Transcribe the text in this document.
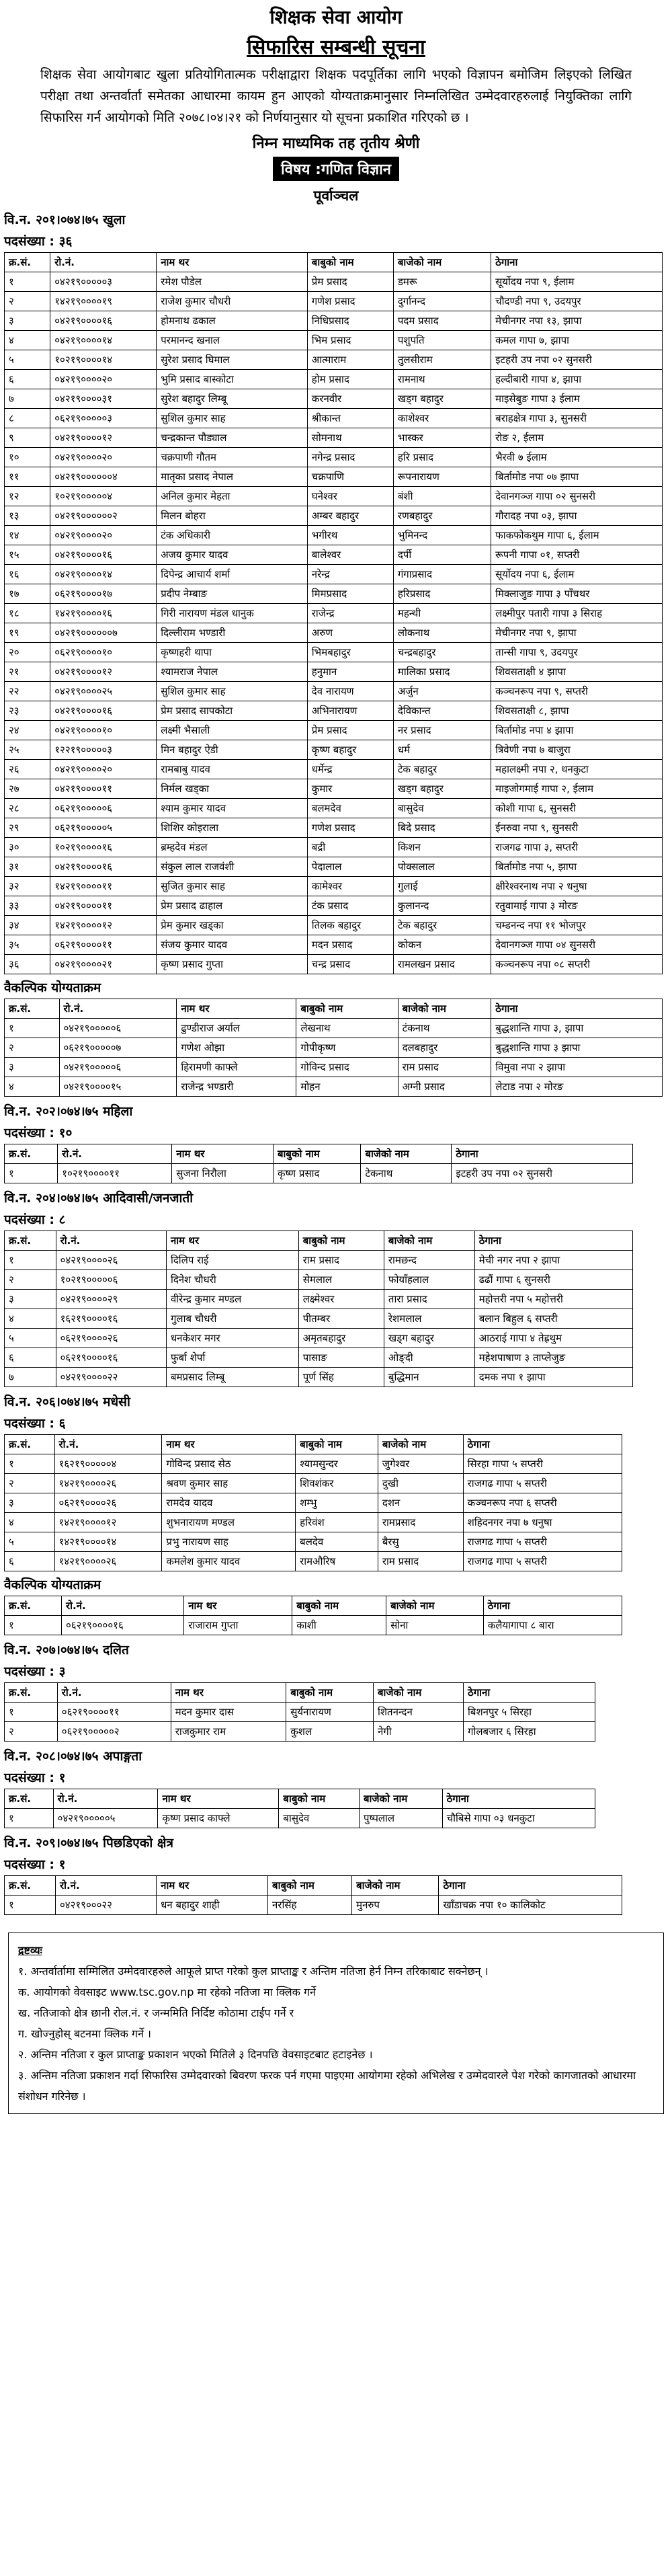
शिक्षक सेवा आयोग
सिफारिस सम्बन्धी सूचना

शिक्षक सेवा आयोगबाट खुला प्रतियोगितात्मक परीक्षाद्वारा शिक्षक पदपूर्तिका लागि भएको विज्ञापन बमोजिम लिइएको लिखित परीक्षा तथा अन्तर्वार्ता समेतका आधारमा कायम हुन आएको योग्यताक्रमानुसार निम्नलिखित उम्मेदवारहरुलाई नियुक्तिका लागि सिफारिस गर्न आयोगको मिति २०७८।०४।२१ को निर्णयानुसार यो सूचना प्रकाशित गरिएको छ ।

निम्न माध्यमिक तह तृतीय श्रेणी
विषय :गणित विज्ञान
पूर्वाञ्चल
वि.न. २०१।०७४।७५ खुला
पदसंख्या : ३६
क्र.सं.	रो.नं.	नाम थर	बाबुको नाम	बाजेको नाम	ठेगाना
१	०४२१९०००००३	रमेश पौडेल	प्रेम प्रसाद	डमरू	सूर्योदय नपा ९, ईलाम
२	१४२१९००००१९	राजेश कुमार चौधरी	गणेश प्रसाद	दुर्गानन्द	चौदण्डी नपा ९, उदयपुर
३	०४२१९००००१६	होमनाथ ढकाल	निधिप्रसाद	पदम प्रसाद	मेचीनगर नपा १३, झापा
४	०४२१९००००१४	परमानन्द खनाल	भिम प्रसाद	पशुपति	कमल गापा ७, झापा
५	१०२१९००००१४	सुरेश प्रसाद घिमाल	आत्माराम	तुलसीराम	इटहरी उप नपा ०२ सुनसरी
६	०४२१९००००२०	भुमि प्रसाद बास्कोटा	होम प्रसाद	रामनाथ	हल्दीबारी गापा ४, झापा
७	०४२१९००००३१	सुरेश बहादुर लिम्बू	करनवीर	खड्ग बहादुर	माइसेबुङ गापा ३ ईलाम
८	०६२१९०००००३	सुशिल कुमार साह	श्रीकान्त	काशेश्वर	बराहक्षेत्र गापा ३, सुनसरी
९	०४२१९००००१२	चन्द्रकान्त पौड्याल	सोमनाथ	भास्कर	रोङ २, ईलाम
१०	०४२१९००००२०	चक्रपाणी गौतम	नगेन्द्र प्रसाद	हरि प्रसाद	भैरवी ७ ईलाम
११	०४२१९००००००४	मातृका प्रसाद नेपाल	चक्रपाणि	रूपनारायण	बिर्तामोड नपा ०७ झापा
१२	१०२१९०००००४	अनिल कुमार मेहता	घनेश्वर	बंशी	देवानगञ्ज गापा ०२ सुनसरी
१३	०४२१९००००००२	मिलन बोहरा	अम्बर बहादुर	रणबहादुर	गौरादह नपा ०३, झापा
१४	०४२१९००००२०	टंक अधिकारी	भगीरथ	भुमिनन्द	फाकफोकथुम गापा ६, ईलाम
१५	०४२१९००००१६	अजय कुमार यादव	बालेश्वर	दर्पी	रूपनी गापा ०१, सप्तरी
१६	०४२१९००००१४	दिपेन्द्र आचार्य शर्मा	नरेन्द्र	गंगाप्रसाद	सूर्योदय नपा ६, ईलाम
१७	०६२१९००००१७	प्रदीप नेम्बाङ	मिमप्रसाद	हरिप्रसाद	मिक्लाजुङ गापा ३ पाँचथर
१८	१४२१९००००१६	गिरी नारायण मंडल धानुक	राजेन्द्र	महन्थी	लक्ष्मीपुर पतारी गापा ३ सिराह
१९	०४२१९००००००७	दिल्लीराम भण्डारी	अरुण	लोकनाथ	मेचीनगर नपा ९, झापा
२०	०६२१९००००१०	कृष्णहरी थापा	भिमबहादुर	चन्द्रबहादुर	तान्सी गापा ९, उदयपुर
२१	०४२१९००००१२	श्यामराज नेपाल	हनुमान	मालिका प्रसाद	शिवसताक्षी ४ झापा
२२	०४२१९००००२५	सुशिल कुमार साह	देव नारायण	अर्जुन	कञ्चनरूप नपा ९, सप्तरी
२३	०४२१९००००१६	प्रेम प्रसाद सापकोटा	अभिनारायण	देविकान्त	शिवसताक्षी ८, झापा
२४	०४२१९००००१०	लक्ष्मी भैसाली	प्रेम प्रसाद	नर प्रसाद	बिर्तामोड नपा ४ झापा
२५	१२२१९०००००३	मिन बहादुर ऐडी	कृष्ण बहादुर	धर्म	त्रिवेणी नपा ७ बाजुरा
२६	०४२१९००००२०	रामबाबु यादव	धर्मेन्द्र	टेक बहादुर	महालक्ष्मी नपा २, धनकुटा
२७	०४२१९००००११	निर्मल खड्का	कुमार	खड्ग बहादुर	माइजोगमाई गापा २, ईलाम
२८	०६२१९०००००६	श्याम कुमार यादव	बलमदेव	बासुदेव	कोशी गापा ६, सुनसरी
२९	०६२१९०००००५	शिशिर कोइराला	गणेश प्रसाद	बिदे प्रसाद	ईनरुवा नपा ९, सुनसरी
३०	१०२१९००००१६	ब्रम्हदेव मंडल	बद्री	किशन	राजगढ गापा ३, सप्तरी
३१	०४२१९००००१६	संकुल लाल राजवंशी	पेदालाल	पोक्सलाल	बिर्तामोड नपा ५, झापा
३२	१४२१९००००११	सुजित कुमार साह	कामेश्वर	गुलाई	क्षीरेश्वरनाथ नपा २ धनुषा
३३	०४२१९००००११	प्रेम प्रसाद ढाहाल	टंक प्रसाद	कुलानन्द	रतुवामाई गापा ३ मोरङ
३४	१४२१९००००१२	प्रेम कुमार खड्का	तिलक बहादुर	टेक बहादुर	चम्डनन्द नपा ११ भोजपुर
३५	०६२१९००००११	संजय कुमार यादव	मदन प्रसाद	कोकन	देवानगञ्ज गापा ०४ सुनसरी
३६	०४२१९००००२१	कृष्ण प्रसाद गुप्ता	चन्द्र प्रसाद	रामलखन प्रसाद	कञ्चनरूप नपा ०८ सप्तरी
वैकल्पिक योग्यताक्रम
क्र.सं.	रो.नं.	नाम थर	बाबुको नाम	बाजेको नाम	ठेगाना
१	०४२१९०००००६	ढुण्डीराज अर्याल	लेखनाथ	टंकनाथ	बुद्धशान्ति गापा ३, झापा
२	०६२१९०००००७	गणेश ओझा	गोपीकृष्ण	दलबहादुर	बुद्धशान्ति गापा ३ झापा
३	०४२१९०००००६	हिरामणी काफ्ले	गोविन्द प्रसाद	राम प्रसाद	विमुवा नपा २ झापा
४	०४२१९००००१५	राजेन्द्र भण्डारी	मोहन	अग्नी प्रसाद	लेटाड नपा २ मोरङ
वि.न. २०२।०७४।७५ महिला
पदसंख्या : १०
क्र.सं.	रो.नं.	नाम थर	बाबुको नाम	बाजेको नाम	ठेगाना
१	१०२१९००००११	सुजना निरौला	कृष्ण प्रसाद	टेकनाथ	इटहरी उप नपा ०२ सुनसरी
वि.न. २०४।०७४।७५ आदिवासी/जनजाती
पदसंख्या : ८
क्र.सं.	रो.नं.	नाम थर	बाबुको नाम	बाजेको नाम	ठेगाना
१	०४२१९००००२६	दिलिप राई	राम प्रसाद	रामछन्द	मेची नगर नपा २ झापा
२	१०२१९०००००६	दिनेश चौधरी	सेमलाल	फोयाँहलाल	ढढौं गापा ६ सुनसरी
३	०४२१९००००२९	वीरेन्द्र कुमार मण्डल	लक्ष्मेश्वर	तारा प्रसाद	महोत्तरी नपा ५ महोत्तरी
४	१६२१९००००१६	गुलाब चौधरी	पीतम्बर	रेशमलाल	बलान बिहुल ६ सप्तरी
५	०६२१९००००२६	धनकेशर मगर	अमृतबहादुर	खड्ग बहादुर	आठराई गापा ४ तेह्रथुम
६	०६२१९००००१६	फुर्बा शेर्पा	पासाङ	ओङ्दी	महेशपाषाण ३ ताप्लेजुङ
७	०४२१९००००२२	बमप्रसाद लिम्बू	पूर्ण सिंह	बुद्धिमान	दमक नपा १ झापा
वि.न. २०६।०७४।७५ मधेसी
पदसंख्या : ६
क्र.सं.	रो.नं.	नाम थर	बाबुको नाम	बाजेको नाम	ठेगाना
१	१६२१९०००००४	गोविन्द प्रसाद सेठ	श्यामसुन्दर	जुगेश्वर	सिरहा गापा ५ सप्तरी
२	१४२१९००००२६	श्रवण कुमार साह	शिवशंकर	दुखी	राजगढ गापा ५ सप्तरी
३	०६२१९००००२६	रामदेव यादव	शम्भु	दशन	कञ्चनरूप नपा ६ सप्तरी
४	१४२१९००००१२	शुभनारायण मण्डल	हरिवंश	रामप्रसाद	शहिदनगर नपा ७ धनुषा
५	१४२१९००००१४	प्रभु नारायण साह	बलदेव	बैरसु	राजगढ गापा ५ सप्तरी
६	१४२१९००००२६	कमलेश कुमार यादव	रामऔरिष	राम प्रसाद	राजगढ गापा ५ सप्तरी
वैकल्पिक योग्यताक्रम
क्र.सं.	रो.नं.	नाम थर	बाबुको नाम	बाजेको नाम	ठेगाना
१	०६२१९००००१६	राजाराम गुप्ता	काशी	सोना	कलैयागापा ८ बारा
वि.न. २०७।०७४।७५ दलित
पदसंख्या : ३
क्र.सं.	रो.नं.	नाम थर	बाबुको नाम	बाजेको नाम	ठेगाना
१	०६२१९००००११	मदन कुमार दास	सुर्यनारायण	शितनन्दन	बिशनपुर ५ सिरहा
२	०६२१९०००००२	राजकुमार राम	कुशल	नेगी	गोलबजार ६ सिरहा
वि.न. २०८।०७४।७५ अपाङ्गता
पदसंख्या : १
क्र.सं.	रो.नं.	नाम थर	बाबुको नाम	बाजेको नाम	ठेगाना
१	०४२१९०००००५	कृष्ण प्रसाद काफ्ले	बासुदेव	पुष्पलाल	चौबिसे गापा ०३ धनकुटा
वि.न. २०९।०७४।७५ पिछडिएको क्षेत्र
पदसंख्या : १
क्र.सं.	रो.नं.	नाम थर	बाबुको नाम	बाजेको नाम	ठेगाना
१	०४२१९०००२२	धन बहादुर शाही	नरसिंह	मुनरुप	खाँडाचक्र नपा १० कालिकोट
द्रष्टव्यः
१. अन्तर्वार्तामा सम्मिलित उम्मेदवारहरुले आफूले प्राप्त गरेको कुल प्राप्ताङ्क र अन्तिम नतिजा हेर्न निम्न तरिकाबाट सक्नेछन् ।
क. आयोगको वेवसाइट www.tsc.gov.np मा रहेको नतिजा मा क्लिक गर्ने
ख. नतिजाको क्षेत्र छानी रोल.नं. र जन्ममिति निर्दिष्ट कोठामा टाईप गर्ने र
ग. खोज्नुहोस् बटनमा क्लिक गर्ने ।
२. अन्तिम नतिजा र कुल प्राप्ताङ्क प्रकाशन भएको मितिले ३ दिनपछि वेवसाइटबाट हटाइनेछ ।
३. अन्तिम नतिजा प्रकाशन गर्दा सिफारिस उम्मेदवारको बिवरण फरक पर्न गएमा पाइएमा आयोगमा रहेको अभिलेख र उम्मेदवारले पेश गरेको कागजातको आधारमा संशोधन गरिनेछ ।
